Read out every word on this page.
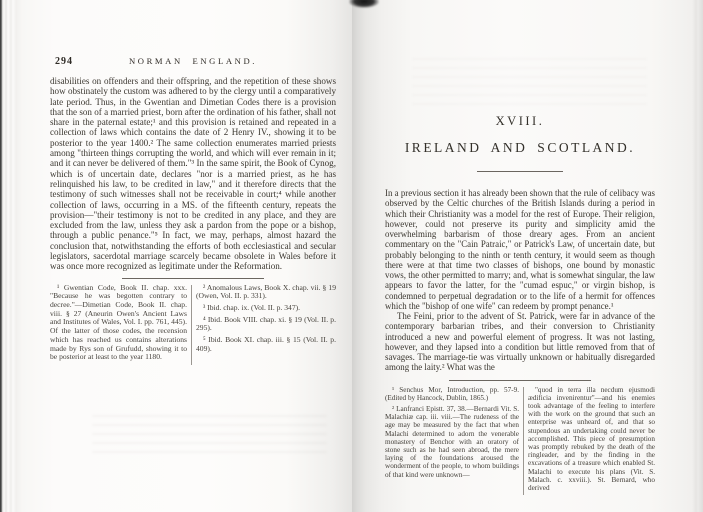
294	NORMAN ENGLAND.

disabilities on offenders and their offspring, and the repetition of these shows how obstinately the custom was adhered to by the clergy until a comparatively late period. Thus, in the Gwentian and Dimetian Codes there is a provision that the son of a married priest, born after the ordination of his father, shall not share in the paternal estate;¹ and this provision is retained and repeated in a collection of laws which contains the date of 2 Henry IV., showing it to be posterior to the year 1400.² The same collection enumerates married priests among "thirteen things corrupting the world, and which will ever remain in it; and it can never be delivered of them."³ In the same spirit, the Book of Cynog, which is of uncertain date, declares "nor is a married priest, as he has relinquished his law, to be credited in law," and it therefore directs that the testimony of such witnesses shall not be receivable in court;⁴ while another collection of laws, occurring in a MS. of the fifteenth century, repeats the provision—"their testimony is not to be credited in any place, and they are excluded from the law, unless they ask a pardon from the pope or a bishop, through a public penance."⁵ In fact, we may, perhaps, almost hazard the conclusion that, notwithstanding the efforts of both ecclesiastical and secular legislators, sacerdotal marriage scarcely became obsolete in Wales before it was once more recognized as legitimate under the Reformation.

¹ Gwentian Code, Book II. chap. xxx. "Because he was begotten contrary to decree."—Dimetian Code, Book II. chap. viii. § 27 (Aneurin Owen's Ancient Laws and Institutes of Wales, Vol. I. pp. 761, 445). Of the latter of those codes, the recension which has reached us contains alterations made by Rys son of Grufudd, showing it to be posterior at least to the year 1180.

² Anomalous Laws, Book X. chap. vii. § 19 (Owen, Vol. II. p. 331).

³ Ibid. chap. ix. (Vol. II. p. 347).

⁴ Ibid. Book VIII. chap. xi. § 19 (Vol. II. p. 295).

⁵ Ibid. Book XI. chap. iii. § 15 (Vol. II. p. 409).

XVIII.
IRELAND AND SCOTLAND.

In a previous section it has already been shown that the rule of celibacy was observed by the Celtic churches of the British Islands during a period in which their Christianity was a model for the rest of Europe. Their religion, however, could not preserve its purity and simplicity amid the overwhelming barbarism of those dreary ages. From an ancient commentary on the "Cain Patraic," or Patrick's Law, of uncertain date, but probably belonging to the ninth or tenth century, it would seem as though there were at that time two classes of bishops, one bound by monastic vows, the other permitted to marry; and, what is somewhat singular, the law appears to favor the latter, for the "cumad espuc," or virgin bishop, is condemned to perpetual degradation or to the life of a hermit for offences which the "bishop of one wife" can redeem by prompt penance.¹

The Feini, prior to the advent of St. Patrick, were far in advance of the contemporary barbarian tribes, and their conversion to Christianity introduced a new and powerful element of progress. It was not lasting, however, and they lapsed into a condition but little removed from that of savages. The marriage-tie was virtually unknown or habitually disregarded among the laity.² What was the

¹ Senchus Mor, Introduction, pp. 57-9. (Edited by Hancock, Dublin, 1865.)

² Lanfranci Epistt. 37, 38.—Bernardi Vit. S. Malachiæ cap. iii. viii.—The rudeness of the age may be measured by the fact that when Malachi determined to adorn the venerable monastery of Benchor with an oratory of stone such as he had seen abroad, the mere laying of the foundations aroused the wonderment of the people, to whom buildings of that kind were unknown—

"quod in terra illa necdum ejusmodi ædificia invenirentur"—and his enemies took advantage of the feeling to interfere with the work on the ground that such an enterprise was unheard of, and that so stupendous an undertaking could never be accomplished. This piece of presumption was promptly rebuked by the death of the ringleader, and by the finding in the excavations of a treasure which enabled St. Malachi to execute his plans (Vit. S. Malach. c. xxviii.). St. Bernard, who derived
